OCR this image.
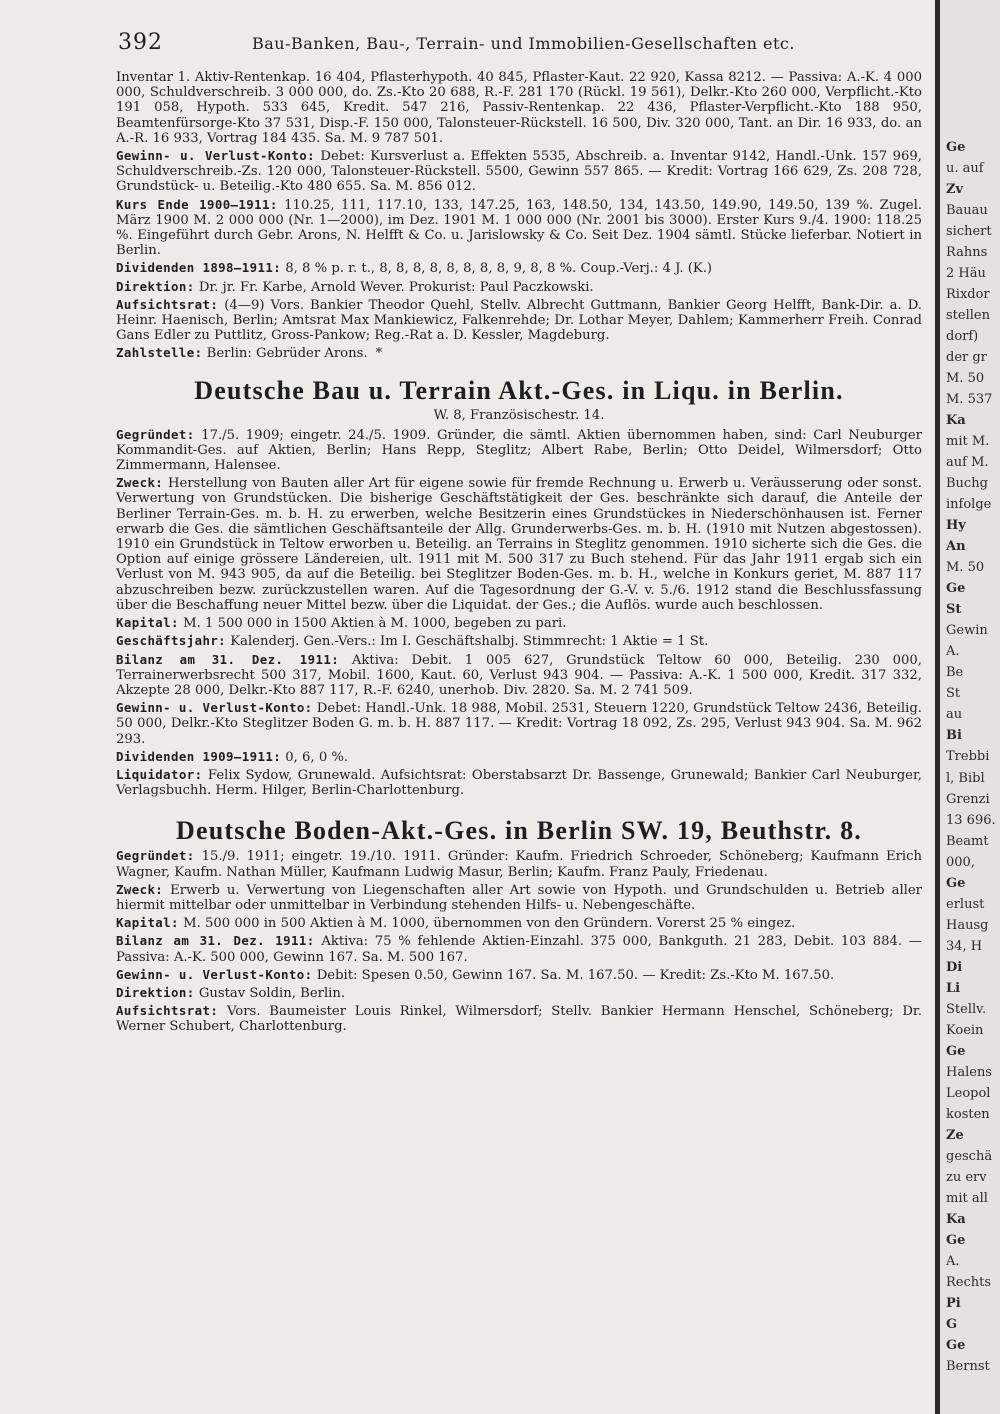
392	Bau-Banken, Bau-, Terrain- und Immobilien-Gesellschaften etc.

Inventar 1. Aktiv-Rentenkap. 16 404, Pflasterhypoth. 40 845, Pflaster-Kaut. 22 920, Kassa 8212. — Passiva: A.-K. 4 000 000, Schuldverschreib. 3 000 000, do. Zs.-Kto 20 688, R.-F. 281 170 (Rückl. 19 561), Delkr.-Kto 260 000, Verpflicht.-Kto 191 058, Hypoth. 533 645, Kredit. 547 216, Passiv-Rentenkap. 22 436, Pflaster-Verpflicht.-Kto 188 950, Beamtenfürsorge-Kto 37 531, Disp.-F. 150 000, Talonsteuer-Rückstell. 16 500, Div. 320 000, Tant. an Dir. 16 933, do. an A.-R. 16 933, Vortrag 184 435. Sa. M. 9 787 501.

Gewinn- u. Verlust-Konto: Debet: Kursverlust a. Effekten 5535, Abschreib. a. Inventar 9142, Handl.-Unk. 157 969, Schuldverschreib.-Zs. 120 000, Talonsteuer-Rückstell. 5500, Gewinn 557 865. — Kredit: Vortrag 166 629, Zs. 208 728, Grundstück- u. Beteilig.-Kto 480 655. Sa. M. 856 012.

Kurs Ende 1900—1911: 110.25, 111, 117.10, 133, 147.25, 163, 148.50, 134, 143.50, 149.90, 149.50, 139 %. Zugel. März 1900 M. 2 000 000 (Nr. 1—2000), im Dez. 1901 M. 1 000 000 (Nr. 2001 bis 3000). Erster Kurs 9./4. 1900: 118.25 %. Eingeführt durch Gebr. Arons, N. Helfft & Co. u. Jarislowsky & Co. Seit Dez. 1904 sämtl. Stücke lieferbar. Notiert in Berlin.

Dividenden 1898—1911: 8, 8 % p. r. t., 8, 8, 8, 8, 8, 8, 8, 8, 9, 8, 8 %. Coup.-Verj.: 4 J. (K.)

Direktion: Dr. jr. Fr. Karbe, Arnold Wever. Prokurist: Paul Paczkowski.

Aufsichtsrat: (4—9) Vors. Bankier Theodor Quehl, Stellv. Albrecht Guttmann, Bankier Georg Helfft, Bank-Dir. a. D. Heinr. Haenisch, Berlin; Amtsrat Max Mankiewicz, Falkenrehde; Dr. Lothar Meyer, Dahlem; Kammerherr Freih. Conrad Gans Edler zu Puttlitz, Gross-Pankow; Reg.-Rat a. D. Kessler, Magdeburg.

Zahlstelle: Berlin: Gebrüder Arons. *

Deutsche Bau u. Terrain Akt.-Ges. in Liqu. in Berlin.
W. 8, Französischestr. 14.

Gegründet: 17./5. 1909; eingetr. 24./5. 1909. Gründer, die sämtl. Aktien übernommen haben, sind: Carl Neuburger Kommandit-Ges. auf Aktien, Berlin; Hans Repp, Steglitz; Albert Rabe, Berlin; Otto Deidel, Wilmersdorf; Otto Zimmermann, Halensee.

Zweck: Herstellung von Bauten aller Art für eigene sowie für fremde Rechnung u. Erwerb u. Veräusserung oder sonst. Verwertung von Grundstücken. Die bisherige Geschäftstätigkeit der Ges. beschränkte sich darauf, die Anteile der Berliner Terrain-Ges. m. b. H. zu erwerben, welche Besitzerin eines Grundstückes in Niederschönhausen ist. Ferner erwarb die Ges. die sämtlichen Geschäftsanteile der Allg. Grunderwerbs-Ges. m. b. H. (1910 mit Nutzen abgestossen). 1910 ein Grundstück in Teltow erworben u. Beteilig. an Terrains in Steglitz genommen. 1910 sicherte sich die Ges. die Option auf einige grössere Ländereien, ult. 1911 mit M. 500 317 zu Buch stehend. Für das Jahr 1911 ergab sich ein Verlust von M. 943 905, da auf die Beteilig. bei Steglitzer Boden-Ges. m. b. H., welche in Konkurs geriet, M. 887 117 abzuschreiben bezw. zurückzustellen waren. Auf die Tagesordnung der G.-V. v. 5./6. 1912 stand die Beschlussfassung über die Beschaffung neuer Mittel bezw. über die Liquidat. der Ges.; die Auflös. wurde auch beschlossen.

Kapital: M. 1 500 000 in 1500 Aktien à M. 1000, begeben zu pari.

Geschäftsjahr: Kalenderj. Gen.-Vers.: Im I. Geschäftshalbj. Stimmrecht: 1 Aktie = 1 St.

Bilanz am 31. Dez. 1911: Aktiva: Debit. 1 005 627, Grundstück Teltow 60 000, Beteilig. 230 000, Terrainerwerbsrecht 500 317, Mobil. 1600, Kaut. 60, Verlust 943 904. — Passiva: A.-K. 1 500 000, Kredit. 317 332, Akzepte 28 000, Delkr.-Kto 887 117, R.-F. 6240, unerhob. Div. 2820. Sa. M. 2 741 509.

Gewinn- u. Verlust-Konto: Debet: Handl.-Unk. 18 988, Mobil. 2531, Steuern 1220, Grundstück Teltow 2436, Beteilig. 50 000, Delkr.-Kto Steglitzer Boden G. m. b. H. 887 117. — Kredit: Vortrag 18 092, Zs. 295, Verlust 943 904. Sa. M. 962 293.

Dividenden 1909—1911: 0, 6, 0 %.

Liquidator: Felix Sydow, Grunewald. Aufsichtsrat: Oberstabsarzt Dr. Bassenge, Grunewald; Bankier Carl Neuburger, Verlagsbuchh. Herm. Hilger, Berlin-Charlottenburg.

Deutsche Boden-Akt.-Ges. in Berlin SW. 19, Beuthstr. 8.

Gegründet: 15./9. 1911; eingetr. 19./10. 1911. Gründer: Kaufm. Friedrich Schroeder, Schöneberg; Kaufmann Erich Wagner, Kaufm. Nathan Müller, Kaufmann Ludwig Masur, Berlin; Kaufm. Franz Pauly, Friedenau.

Zweck: Erwerb u. Verwertung von Liegenschaften aller Art sowie von Hypoth. und Grundschulden u. Betrieb aller hiermit mittelbar oder unmittelbar in Verbindung stehenden Hilfs- u. Nebengeschäfte.

Kapital: M. 500 000 in 500 Aktien à M. 1000, übernommen von den Gründern. Vorerst 25 % eingez.

Bilanz am 31. Dez. 1911: Aktiva: 75 % fehlende Aktien-Einzahl. 375 000, Bankguth. 21 283, Debit. 103 884. — Passiva: A.-K. 500 000, Gewinn 167. Sa. M. 500 167.

Gewinn- u. Verlust-Konto: Debit: Spesen 0.50, Gewinn 167. Sa. M. 167.50. — Kredit: Zs.-Kto M. 167.50.

Direktion: Gustav Soldin, Berlin.

Aufsichtsrat: Vors. Baumeister Louis Rinkel, Wilmersdorf; Stellv. Bankier Hermann Henschel, Schöneberg; Dr. Werner Schubert, Charlottenburg.

Ge
u. auf
Zv
Bauau
sichert
Rahns
2 Häu
Rixdor
stellen
dorf)
der gr
M. 50
M. 537
Ka
mit M.
auf M.
Buchg
infolge
Hy
An
M. 50
Ge
St
Gewin
A.
Be
St
au
Bi
Trebbi
l, Bibl
Grenzi
13 696.
Beamt
000,
Ge
erlust
Hausg
34, H
Di
Li
Stellv.
Koein
Ge
Halens
Leopol
kosten
Ze
geschä
zu erv
mit all
Ka
Ge
A.
Rechts
Pi
G
Ge
Bernst
